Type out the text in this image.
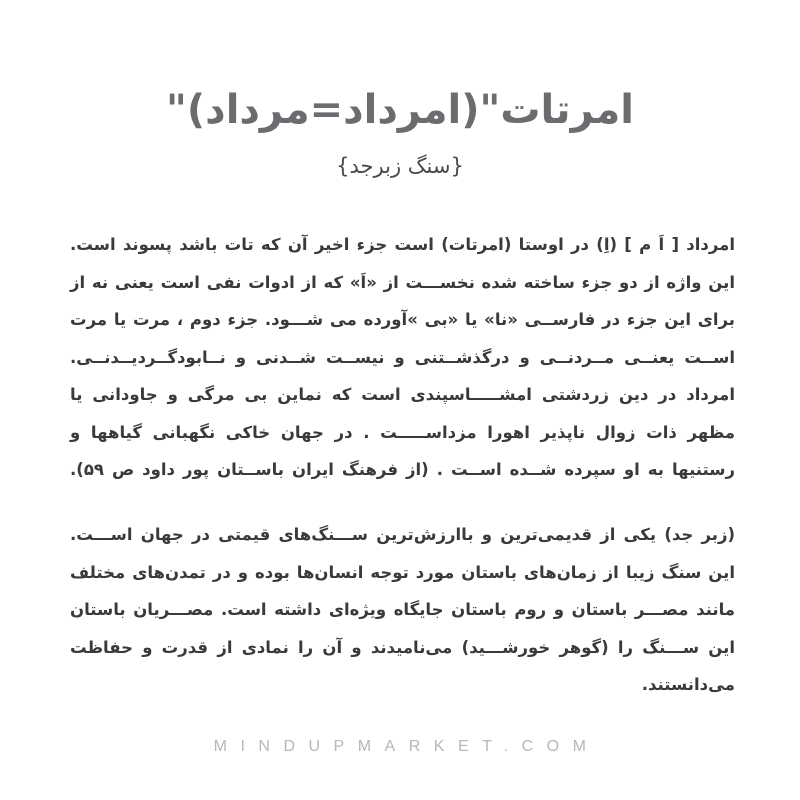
امرتات"(امرداد=مرداد)"
{سنگ زبرجد}
امرداد [ اَ م ] (اِ) در اوستا (امرتات) است جزء اخیر آن که تات باشد پسوند است.
این واژه از دو جزء ساخته شده نخســـت از «اَ» که از ادوات نفی است یعنی نه از
برای این جزء در فارســی «نا» یا «بی »آورده می شـــود. جزء دوم ، مرت یا مرت
اســت یعنــی مــردنــی و درگذشــتنی و نیســت شــدنی و نــابودگــردیــدنــی.
امرداد در دین زردشتی امشـــــاسپندی است که نماین بی مرگی و جاودانی یا
مظهر ذات زوال ناپذیر اهورا مزداســـــت . در جهان خاکی نگهبانی گیاهها و
رستنیها به او سپرده شــده اســت . (از فرهنگ ایران باســتان پور داود ص ۵۹).
(زبر جد) یکی از قدیمی‌ترین و باارزش‌ترین ســـنگ‌های قیمتی در جهان اســـت.
این سنگ زیبا از زمان‌های باستان مورد توجه انسان‌ها بوده و در تمدن‌های مختلف
مانند مصـــر باستان و روم باستان جایگاه ویژه‌ای داشته است. مصـــریان باستان
این ســـنگ را (گوهر خورشـــید) می‌نامیدند و آن را نمادی از قدرت و حفاظت
می‌دانستند.
MINDUPMARKET.COM
